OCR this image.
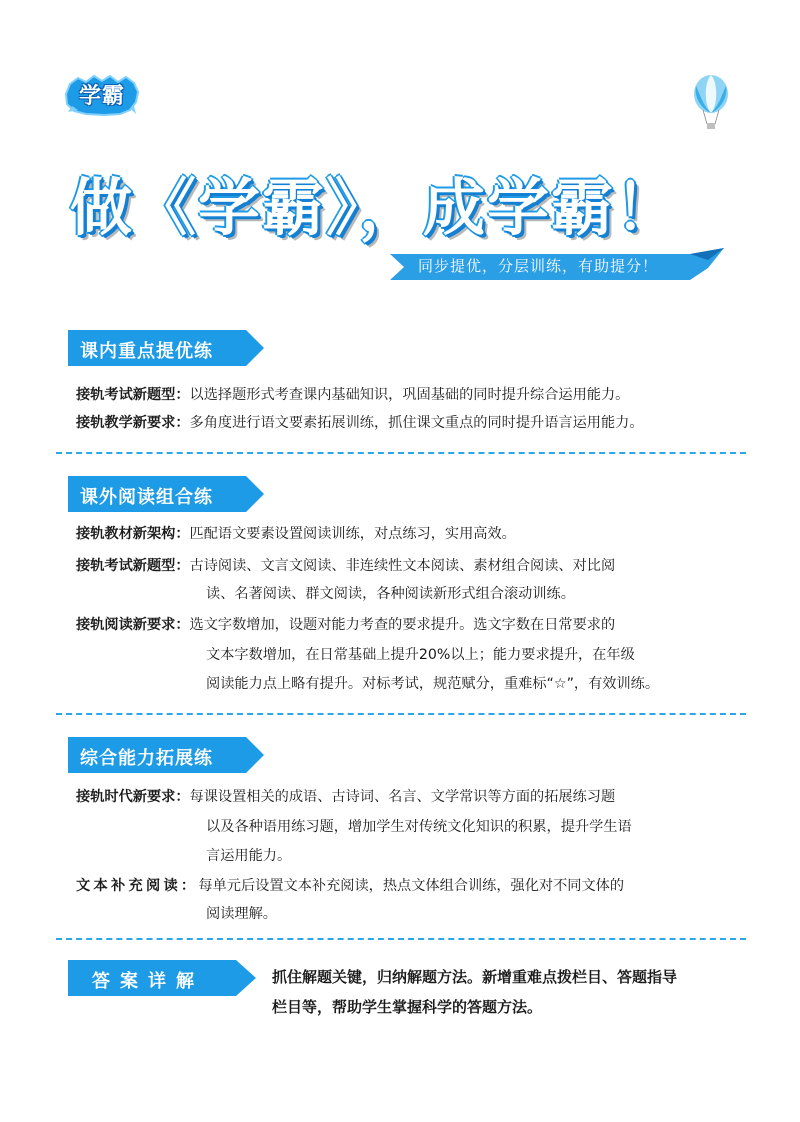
学霸
做《学霸》，成学霸！
同步提优，分层训练，有助提分！
课内重点提优练
接轨考试新题型：以选择题形式考查课内基础知识，巩固基础的同时提升综合运用能力。
接轨教学新要求：多角度进行语文要素拓展训练，抓住课文重点的同时提升语言运用能力。
课外阅读组合练
接轨教材新架构：匹配语文要素设置阅读训练，对点练习，实用高效。
接轨考试新题型：古诗阅读、文言文阅读、非连续性文本阅读、素材组合阅读、对比阅
读、名著阅读、群文阅读，各种阅读新形式组合滚动训练。
接轨阅读新要求：选文字数增加，设题对能力考查的要求提升。选文字数在日常要求的
文本字数增加，在日常基础上提升20%以上；能力要求提升，在年级
阅读能力点上略有提升。对标考试，规范赋分，重难标“☆”，有效训练。
综合能力拓展练
接轨时代新要求：每课设置相关的成语、古诗词、名言、文学常识等方面的拓展练习题
以及各种语用练习题，增加学生对传统文化知识的积累，提升学生语
言运用能力。
文本补充阅读：每单元后设置文本补充阅读，热点文体组合训练，强化对不同文体的
阅读理解。
答案详解	抓住解题关键，归纳解题方法。新增重难点拨栏目、答题指导
栏目等，帮助学生掌握科学的答题方法。
